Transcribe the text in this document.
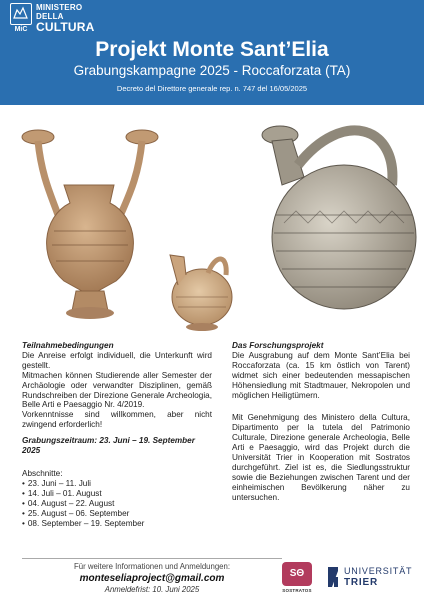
MiC
MINISTERO
DELLA
CULTURA
Projekt Monte Sant’Elia
Grabungskampagne 2025 - Roccaforzata (TA)
Decreto del Direttore generale rep. n. 747 del 16/05/2025
Teilnahmebedingungen
Die Anreise erfolgt individuell, die Unterkunft wird gestellt.
Mitmachen können Studierende aller Semester der Archäologie oder verwandter Disziplinen, gemäß Rundschreiben der Direzione Generale Archeologia, Belle Arti e Paesaggio Nr. 4/2019.
Vorkenntnisse sind willkommen, aber nicht zwingend erforderlich!
Grabungszeitraum: 23. Juni – 19. September 2025
Abschnitte:
• 23. Juni – 11. Juli
• 14. Juli – 01. August
• 04. August – 22. August
• 25. August – 06. September
• 08. September – 19. September
Das Forschungsprojekt
Die Ausgrabung auf dem Monte Sant’Elia bei Roccaforzata (ca. 15 km östlich von Tarent) widmet sich einer bedeutenden messapischen Höhensiedlung mit Stadtmauer, Nekropolen und möglichen Heiligtümern.
Mit Genehmigung des Ministero della Cultura, Dipartimento per la tutela del Patrimonio Culturale, Direzione generale Archeologia, Belle Arti e Paesaggio, wird das Projekt durch die Universität Trier in Kooperation mit Sostratos durchgeführt. Ziel ist es, die Siedlungsstruktur sowie die Beziehungen zwischen Tarent und der einheimischen Bevölkerung näher zu untersuchen.
Für weitere Informationen und Anmeldungen:
monteseliaproject@gmail.com
Anmeldefrist: 10. Juni 2025
SΘ
SOSTRATOS
UNIVERSITÄT
TRIER
